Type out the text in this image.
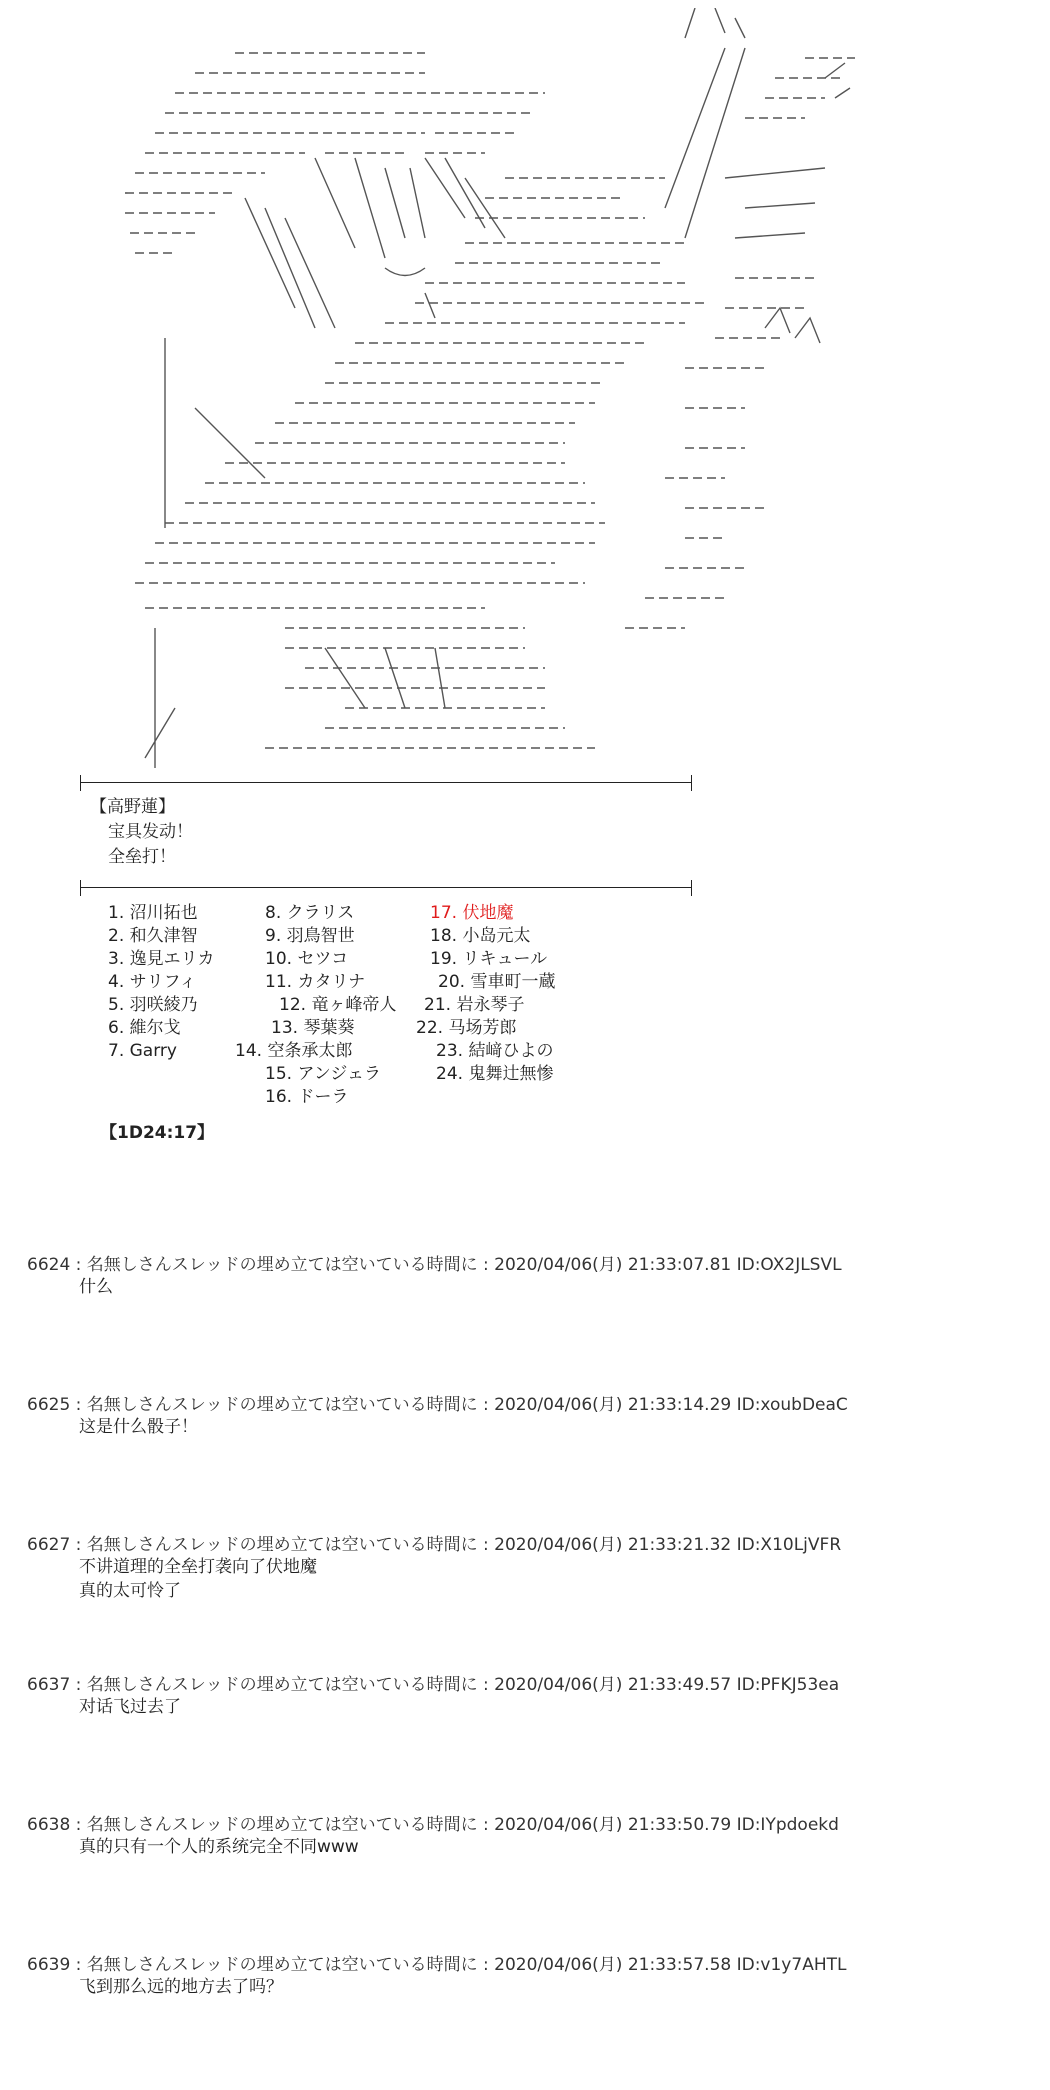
【高野蓮】
宝具发动！
全垒打！
1. 沼川拓也
2. 和久津智
3. 逸見エリカ
4. サリフィ
5. 羽咲綾乃
6. 維尔戈
7. Garry
8. クラリス
9. 羽鳥智世
10. セツコ
11. カタリナ
12. 竜ヶ峰帝人
13. 琴葉葵
14. 空条承太郎
15. アンジェラ
16. ドーラ
17. 伏地魔
18. 小岛元太
19. リキュール
20. 雪車町一蔵
21. 岩永琴子
22. 马场芳郎
23. 結﨑ひよの
24. 鬼舞辻無惨
【1D24:17】
6624 : 名無しさんスレッドの埋め立ては空いている時間に : 2020/04/06(月) 21:33:07.81 ID:OX2JLSVL
什么
6625 : 名無しさんスレッドの埋め立ては空いている時間に : 2020/04/06(月) 21:33:14.29 ID:xoubDeaC
这是什么骰子！
6627 : 名無しさんスレッドの埋め立ては空いている時間に : 2020/04/06(月) 21:33:21.32 ID:X10LjVFR
不讲道理的全垒打袭向了伏地魔
真的太可怜了
6637 : 名無しさんスレッドの埋め立ては空いている時間に : 2020/04/06(月) 21:33:49.57 ID:PFKJ53ea
对话飞过去了
6638 : 名無しさんスレッドの埋め立ては空いている時間に : 2020/04/06(月) 21:33:50.79 ID:IYpdoekd
真的只有一个人的系统完全不同www
6639 : 名無しさんスレッドの埋め立ては空いている時間に : 2020/04/06(月) 21:33:57.58 ID:v1y7AHTL
飞到那么远的地方去了吗？
